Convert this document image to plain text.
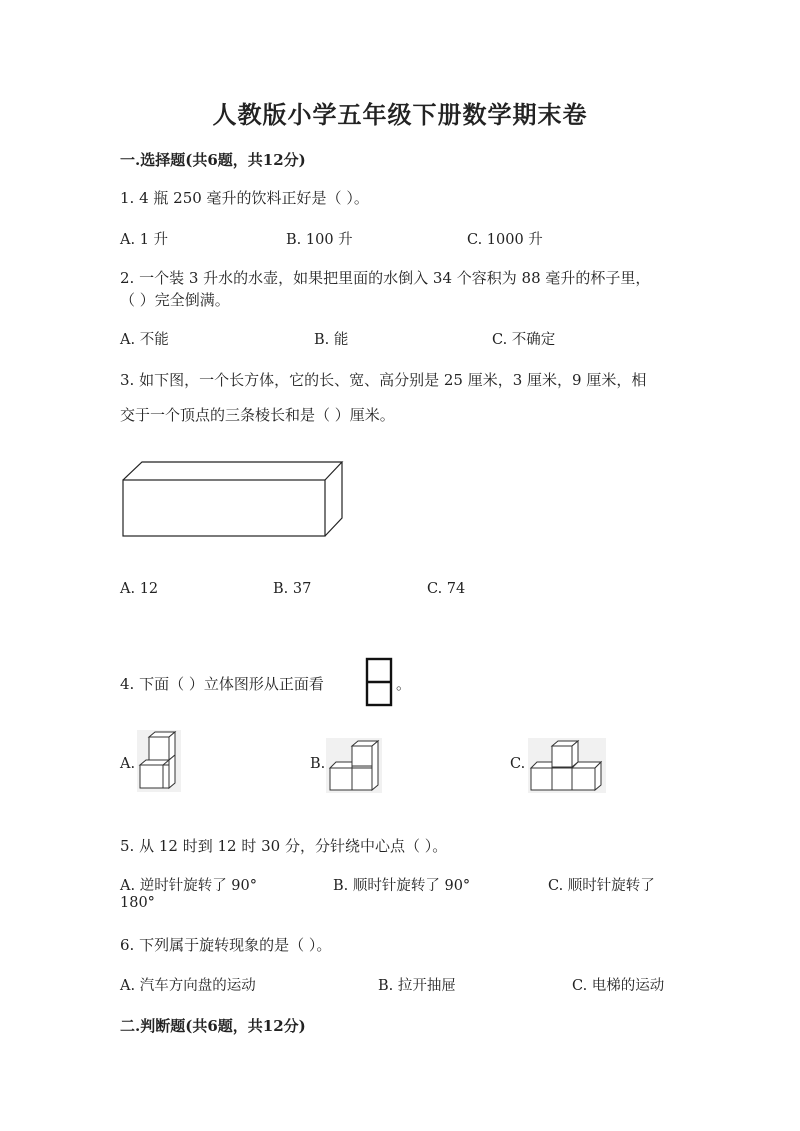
人教版小学五年级下册数学期末卷
一.选择题(共6题，共12分)
1. 4 瓶 250 毫升的饮料正好是（ ）。
A. 1 升	B. 100 升	C. 1000 升
2. 一个装 3 升水的水壶，如果把里面的水倒入 34 个容积为 88 毫升的杯子里，
（ ）完全倒满。
A. 不能	B. 能	C. 不确定
3. 如下图，一个长方体，它的长、宽、高分别是 25 厘米，3 厘米，9 厘米，相
交于一个顶点的三条棱长和是（ ）厘米。
A. 12	B. 37	C. 74
4. 下面（ ）立体图形从正面看	。
A.	B.	C.
5. 从 12 时到 12 时 30 分，分针绕中心点（ ）。
A. 逆时针旋转了 90°	B. 顺时针旋转了 90°	C. 顺时针旋转了
180°
6. 下列属于旋转现象的是（ ）。
A. 汽车方向盘的运动	B. 拉开抽屉	C. 电梯的运动
二.判断题(共6题，共12分)
